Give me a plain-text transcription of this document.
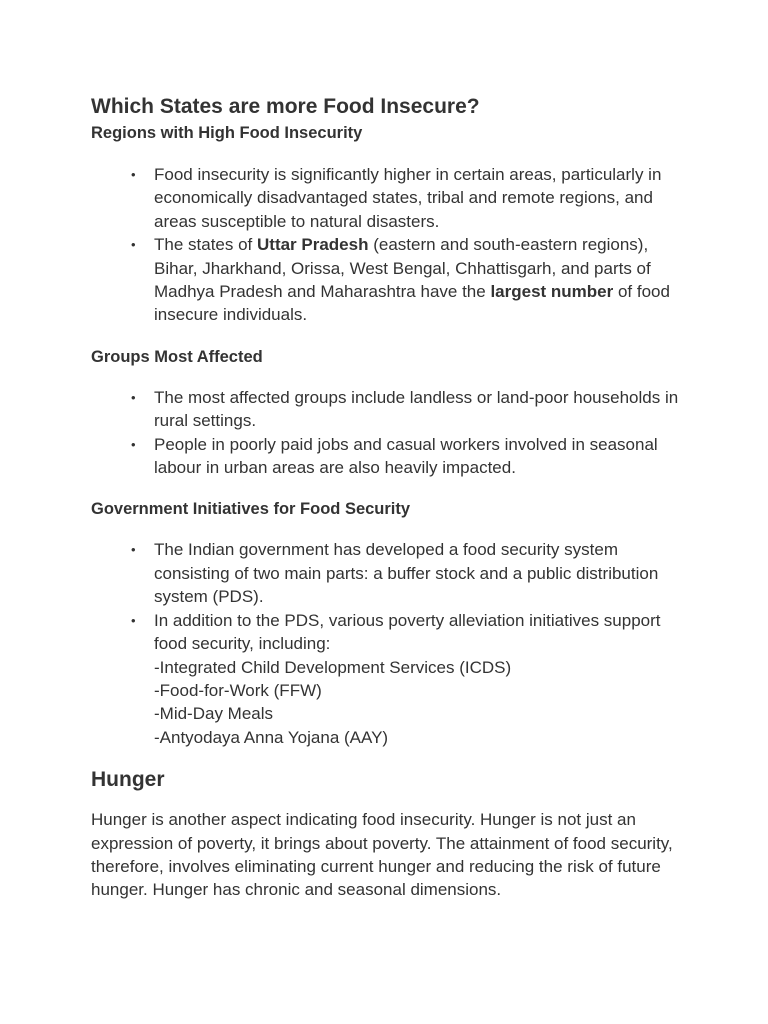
Which States are more Food Insecure?
Regions with High Food Insecurity
• Food insecurity is significantly higher in certain areas, particularly in economically disadvantaged states, tribal and remote regions, and areas susceptible to natural disasters.
• The states of Uttar Pradesh (eastern and south-eastern regions), Bihar, Jharkhand, Orissa, West Bengal, Chhattisgarh, and parts of Madhya Pradesh and Maharashtra have the largest number of food insecure individuals.
Groups Most Affected
• The most affected groups include landless or land-poor households in rural settings.
• People in poorly paid jobs and casual workers involved in seasonal labour in urban areas are also heavily impacted.
Government Initiatives for Food Security
• The Indian government has developed a food security system consisting of two main parts: a buffer stock and a public distribution system (PDS).
• In addition to the PDS, various poverty alleviation initiatives support food security, including:
-Integrated Child Development Services (ICDS)
-Food-for-Work (FFW)
-Mid-Day Meals
-Antyodaya Anna Yojana (AAY)
Hunger

Hunger is another aspect indicating food insecurity. Hunger is not just an expression of poverty, it brings about poverty. The attainment of food security, therefore, involves eliminating current hunger and reducing the risk of future hunger. Hunger has chronic and seasonal dimensions.
